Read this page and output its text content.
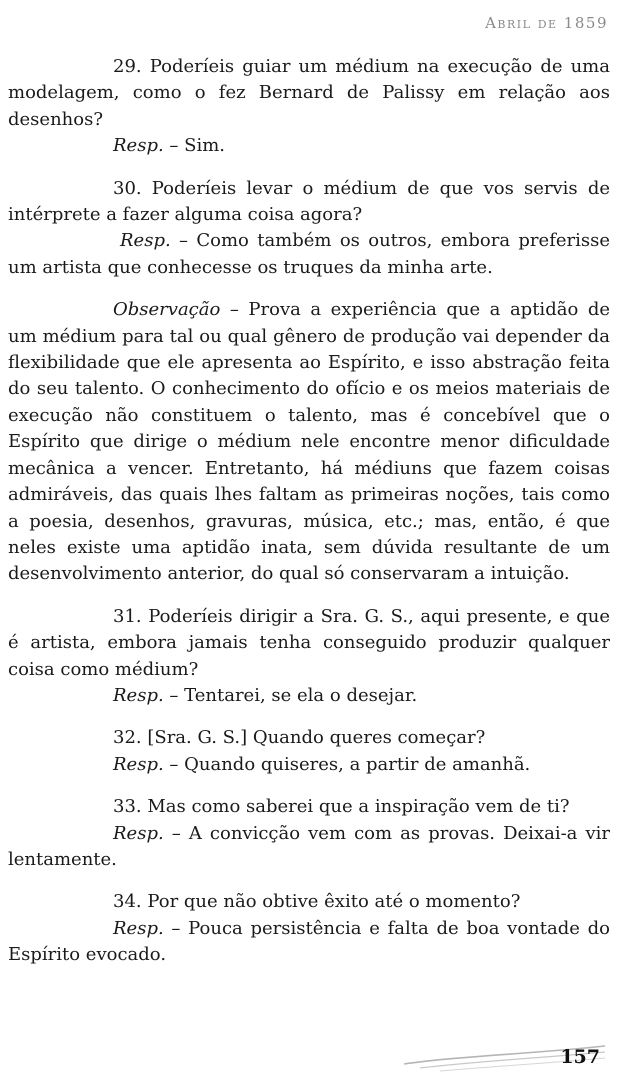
Abril de 1859

29. Poderíeis guiar um médium na execução de uma modelagem, como o fez Bernard de Palissy em relação aos desenhos?

Resp. – Sim.

30. Poderíeis levar o médium de que vos servis de intérprete a fazer alguma coisa agora?

Resp. – Como também os outros, embora preferisse um artista que conhecesse os truques da minha arte.

Observação – Prova a experiência que a aptidão de um médium para tal ou qual gênero de produção vai depender da flexibilidade que ele apresenta ao Espírito, e isso abstração feita do seu talento. O conhecimento do ofício e os meios materiais de execução não constituem o talento, mas é concebível que o Espírito que dirige o médium nele encontre menor dificuldade mecânica a vencer. Entretanto, há médiuns que fazem coisas admiráveis, das quais lhes faltam as primeiras noções, tais como a poesia, desenhos, gravuras, música, etc.; mas, então, é que neles existe uma aptidão inata, sem dúvida resultante de um desenvolvimento anterior, do qual só conservaram a intuição.

31. Poderíeis dirigir a Sra. G. S., aqui presente, e que é artista, embora jamais tenha conseguido produzir qualquer coisa como médium?

Resp. – Tentarei, se ela o desejar.

32. [Sra. G. S.] Quando queres começar?

Resp. – Quando quiseres, a partir de amanhã.

33. Mas como saberei que a inspiração vem de ti?

Resp. – A convicção vem com as provas. Deixai-a vir lentamente.

34. Por que não obtive êxito até o momento?

Resp. – Pouca persistência e falta de boa vontade do Espírito evocado.

157
